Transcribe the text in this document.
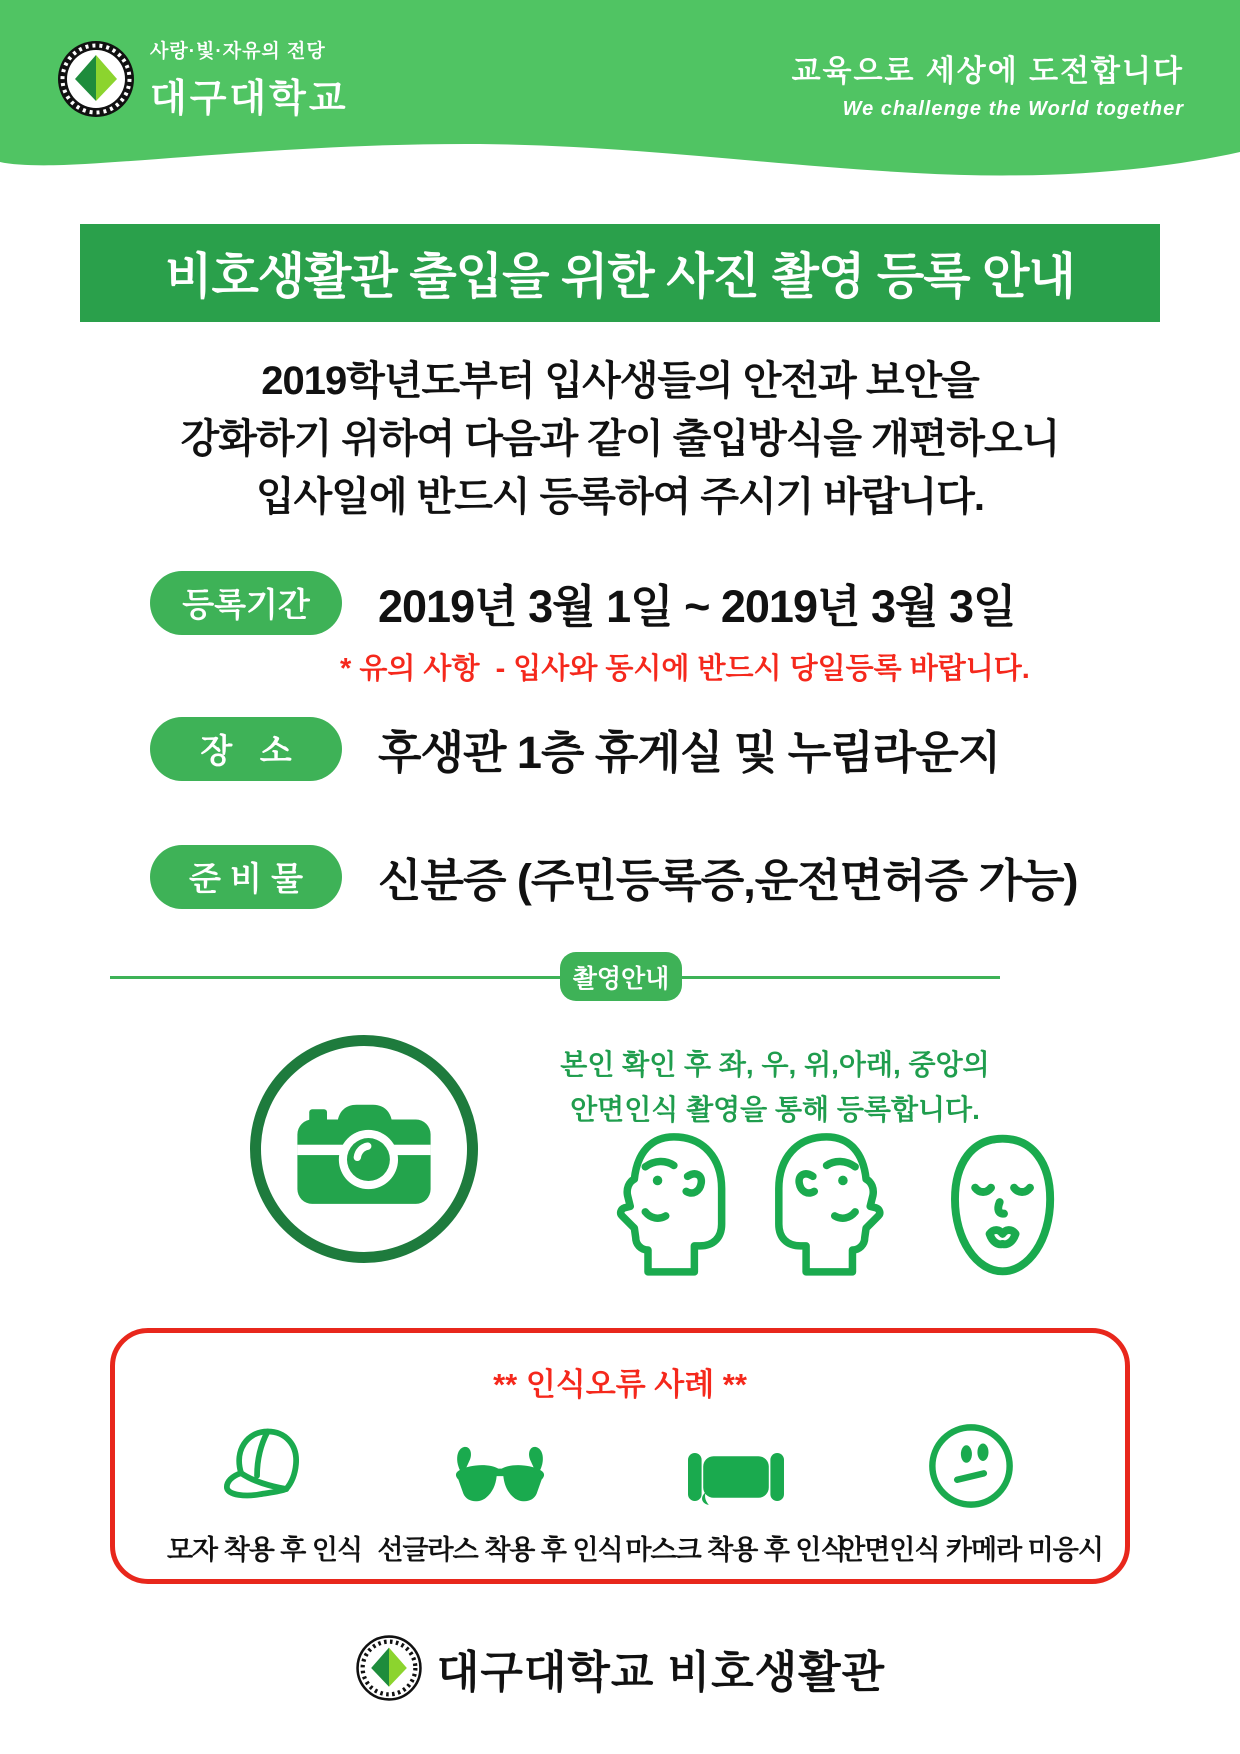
사랑·빛·자유의 전당
대구대학교
교육으로 세상에 도전합니다
We challenge the World together
비호생활관 출입을 위한 사진 촬영 등록 안내
2019학년도부터 입사생들의 안전과 보안을
강화하기 위하여 다음과 같이 출입방식을 개편하오니
입사일에 반드시 등록하여 주시기 바랍니다.
등록기간	2019년 3월 1일 ~ 2019년 3월 3일
* 유의 사항  - 입사와 동시에 반드시 당일등록 바랍니다.
장   소	후생관 1층 휴게실 및 누림라운지
준 비 물	신분증 (주민등록증,운전면허증 가능)
촬영안내
본인 확인 후 좌, 우, 위,아래, 중앙의
안면인식 촬영을 통해 등록합니다.
** 인식오류 사례 **
모자 착용 후 인식 선글라스 착용 후 인식 마스크 착용 후 인식
안면인식 카메라 미응시
대구대학교 비호생활관
